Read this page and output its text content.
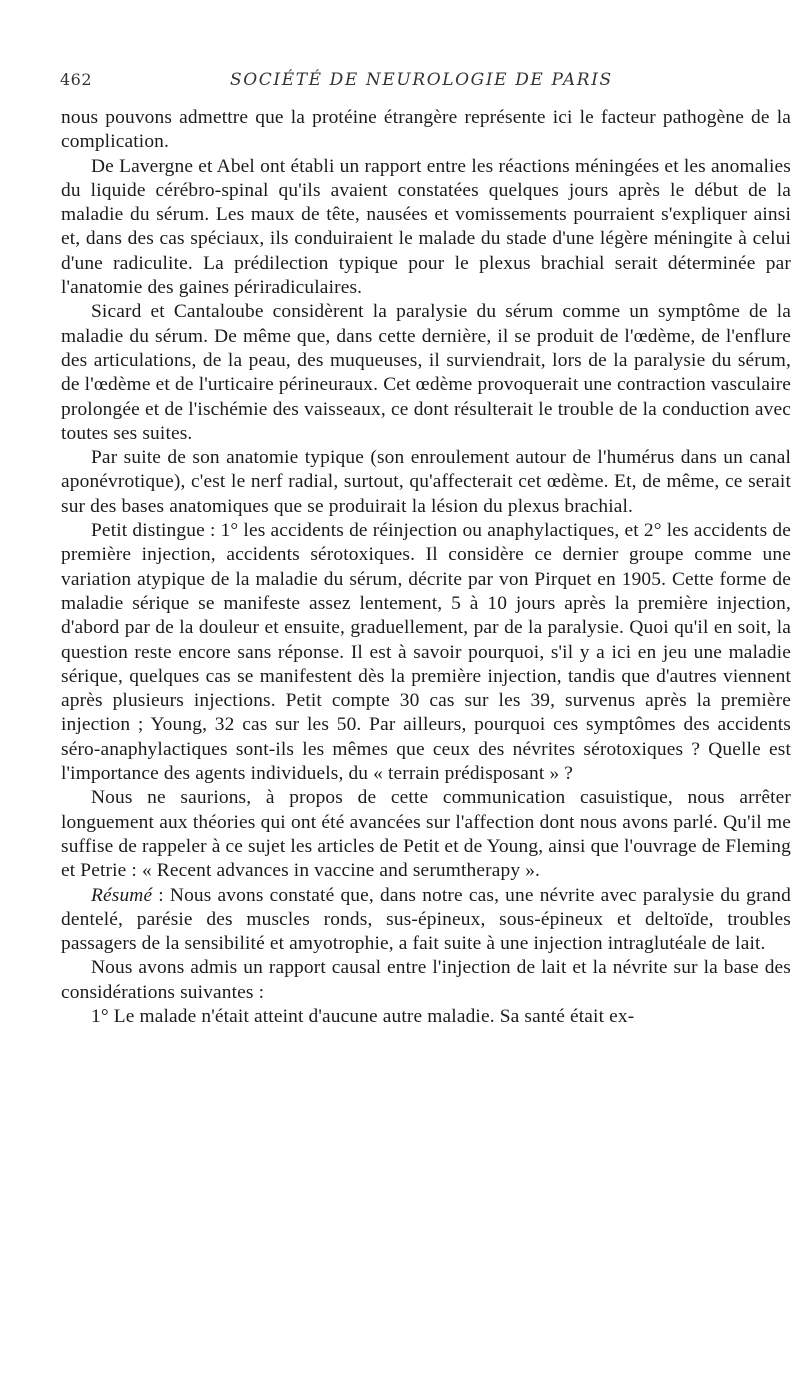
462	SOCIÉTÉ DE NEUROLOGIE DE PARIS

nous pouvons admettre que la protéine étrangère représente ici le facteur pathogène de la complication.

De Lavergne et Abel ont établi un rapport entre les réactions méningées et les anomalies du liquide cérébro-spinal qu'ils avaient constatées quelques jours après le début de la maladie du sérum. Les maux de tête, nausées et vomissements pourraient s'expliquer ainsi et, dans des cas spéciaux, ils conduiraient le malade du stade d'une légère méningite à celui d'une radiculite. La prédilection typique pour le plexus brachial serait déterminée par l'anatomie des gaines périradiculaires.

Sicard et Cantaloube considèrent la paralysie du sérum comme un symptôme de la maladie du sérum. De même que, dans cette dernière, il se produit de l'œdème, de l'enflure des articulations, de la peau, des muqueuses, il surviendrait, lors de la paralysie du sérum, de l'œdème et de l'urticaire périneuraux. Cet œdème provoquerait une contraction vasculaire prolongée et de l'ischémie des vaisseaux, ce dont résulterait le trouble de la conduction avec toutes ses suites.

Par suite de son anatomie typique (son enroulement autour de l'humérus dans un canal aponévrotique), c'est le nerf radial, surtout, qu'affecterait cet œdème. Et, de même, ce serait sur des bases anatomiques que se produirait la lésion du plexus brachial.

Petit distingue : 1° les accidents de réinjection ou anaphylactiques, et 2° les accidents de première injection, accidents sérotoxiques. Il considère ce dernier groupe comme une variation atypique de la maladie du sérum, décrite par von Pirquet en 1905. Cette forme de maladie sérique se manifeste assez lentement, 5 à 10 jours après la première injection, d'abord par de la douleur et ensuite, graduellement, par de la paralysie. Quoi qu'il en soit, la question reste encore sans réponse. Il est à savoir pourquoi, s'il y a ici en jeu une maladie sérique, quelques cas se manifestent dès la première injection, tandis que d'autres viennent après plusieurs injections. Petit compte 30 cas sur les 39, survenus après la première injection ; Young, 32 cas sur les 50. Par ailleurs, pourquoi ces symptômes des accidents séro-anaphylactiques sont-ils les mêmes que ceux des névrites sérotoxiques ? Quelle est l'importance des agents individuels, du « terrain prédisposant » ?

Nous ne saurions, à propos de cette communication casuistique, nous arrêter longuement aux théories qui ont été avancées sur l'affection dont nous avons parlé. Qu'il me suffise de rappeler à ce sujet les articles de Petit et de Young, ainsi que l'ouvrage de Fleming et Petrie : « Recent advances in vaccine and serumtherapy ».

Résumé : Nous avons constaté que, dans notre cas, une névrite avec paralysie du grand dentelé, parésie des muscles ronds, sus-épineux, sous-épineux et deltoïde, troubles passagers de la sensibilité et amyotrophie, a fait suite à une injection intraglutéale de lait.

Nous avons admis un rapport causal entre l'injection de lait et la névrite sur la base des considérations suivantes :

1° Le malade n'était atteint d'aucune autre maladie. Sa santé était ex-
